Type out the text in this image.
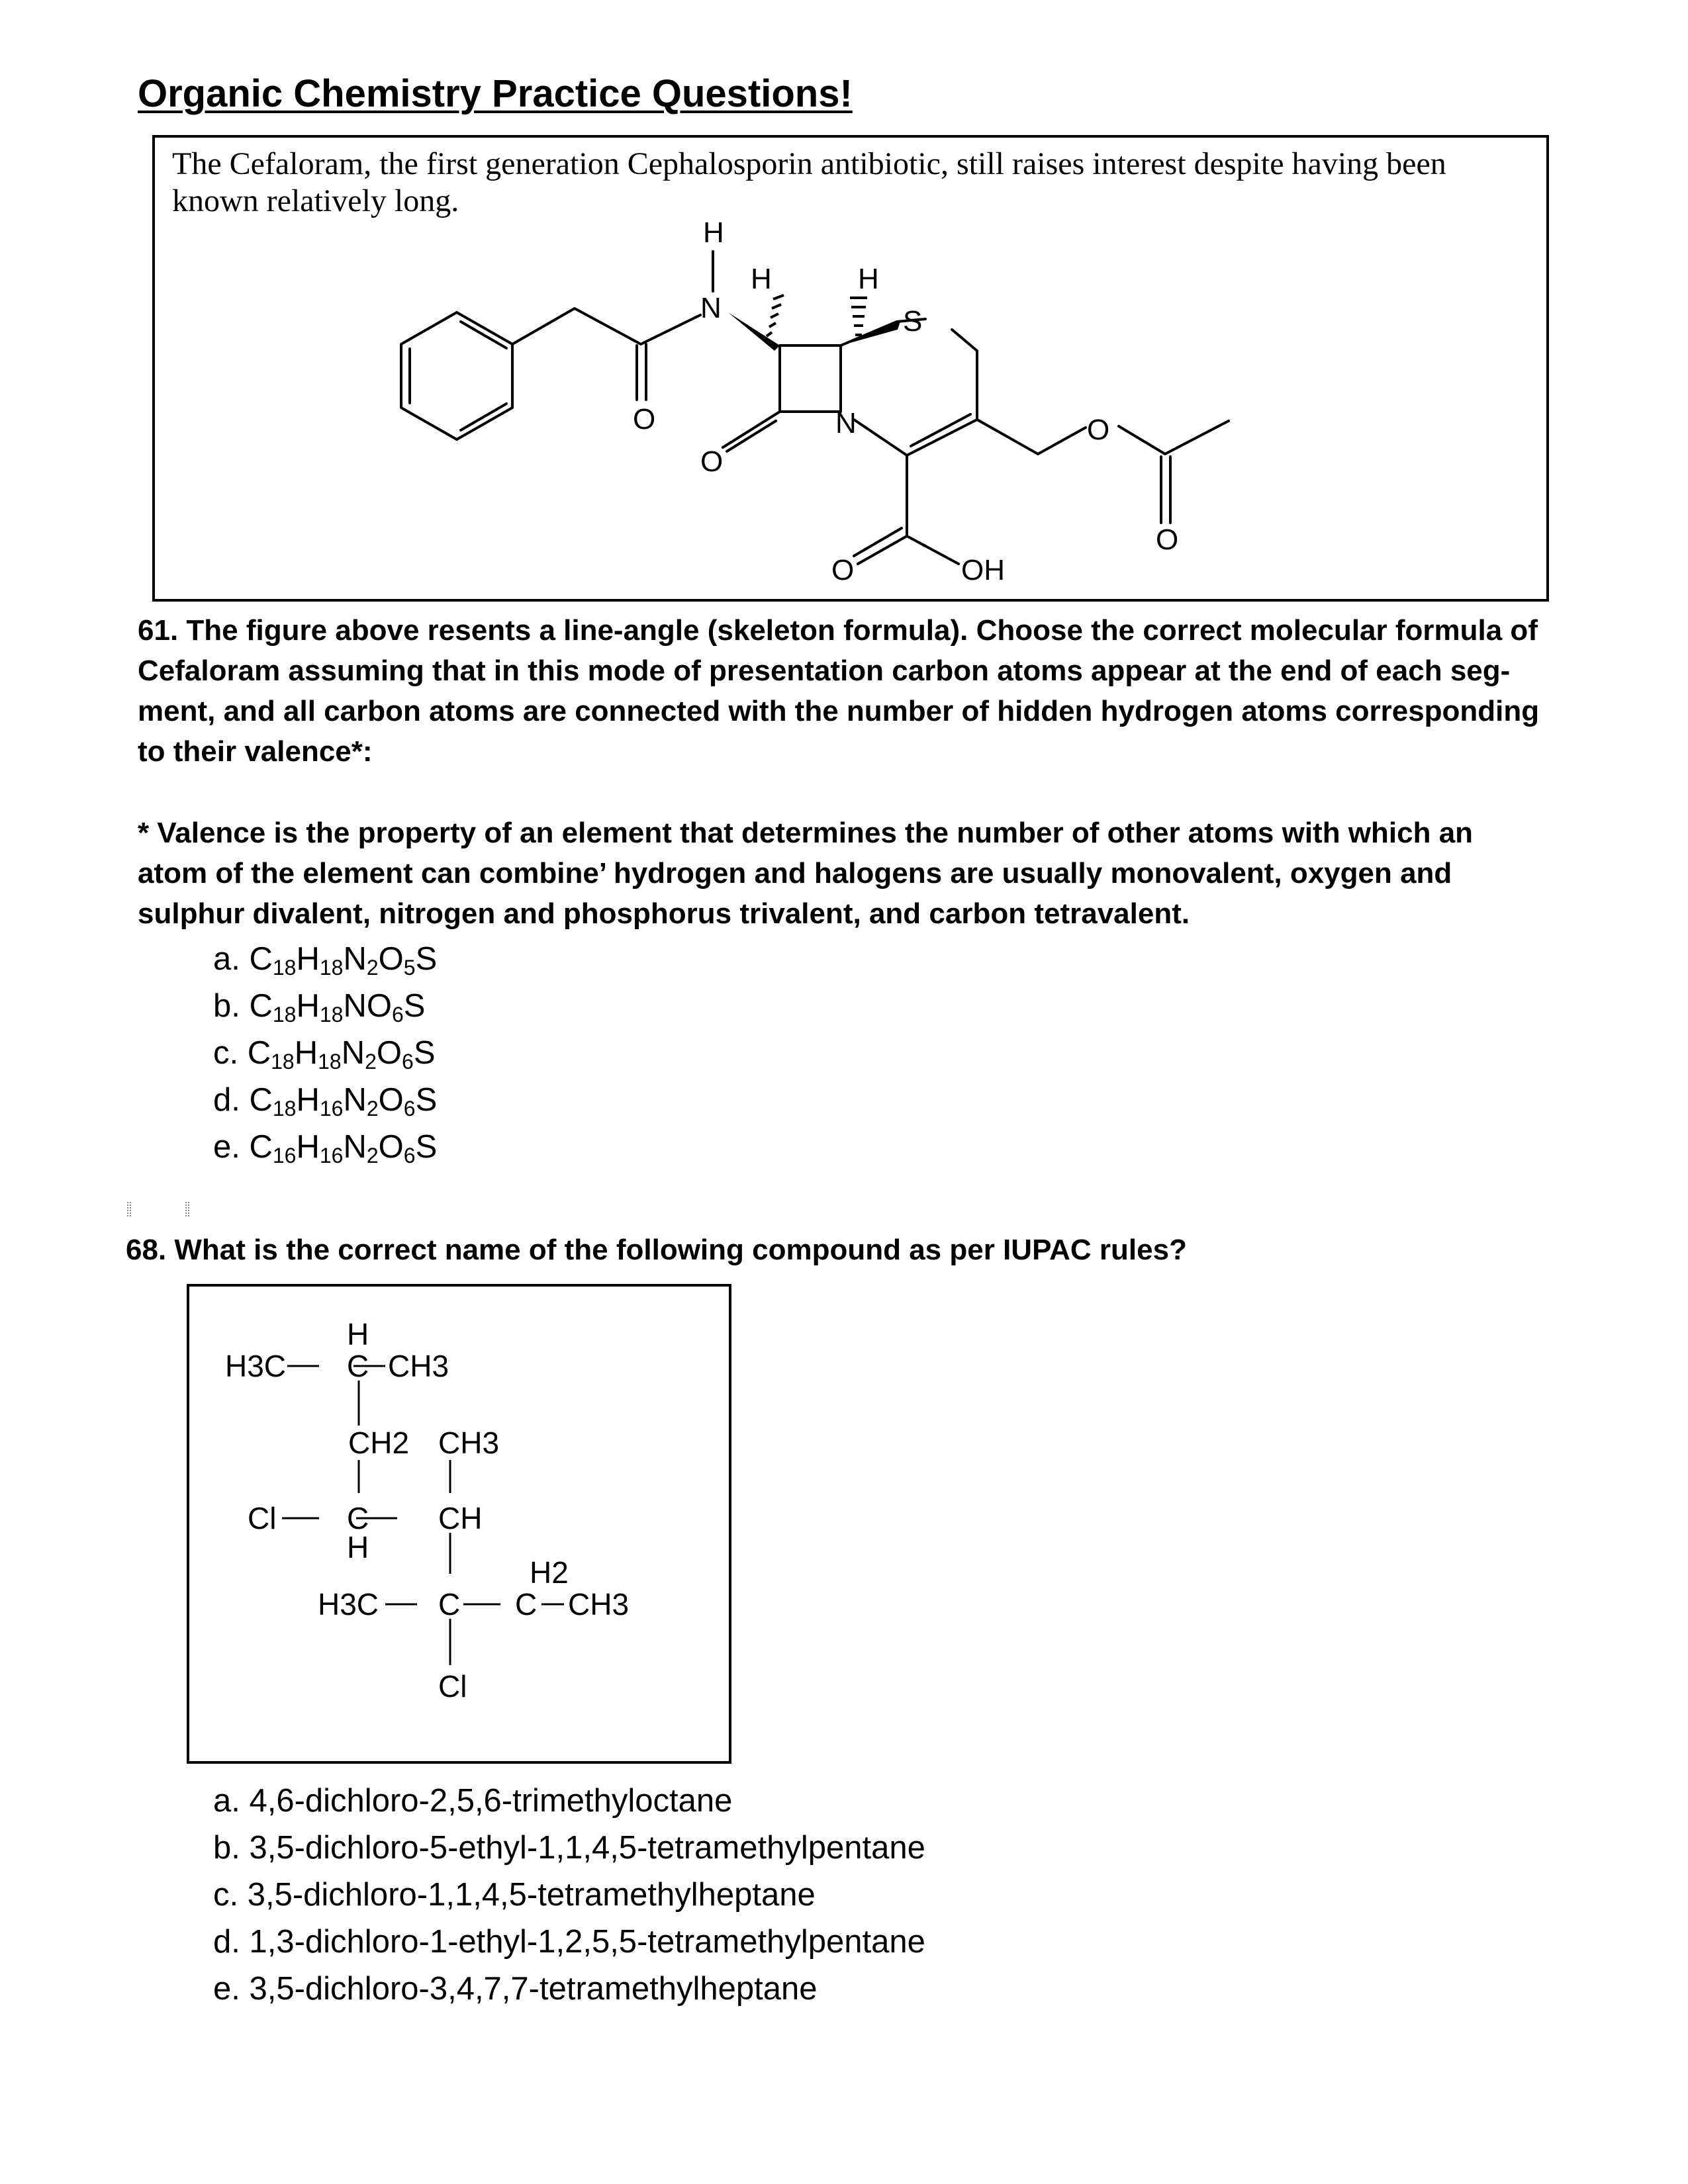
Organic Chemistry Practice Questions!

The Cefaloram, the first generation Cephalosporin antibiotic, still raises interest despite having been known relatively long.

H
N
H	H
S
N
O
O
O
O
O	OH

61. The figure above resents a line-angle (skeleton formula). Choose the correct molecular formula of Cefaloram assuming that in this mode of presentation carbon atoms appear at the end of each seg-ment, and all carbon atoms are connected with the number of hidden hydrogen atoms corresponding to their valence*:

* Valence is the property of an element that determines the number of other atoms with which an atom of the element can combine’ hydrogen and halogens are usually monovalent, oxygen and sulphur divalent, nitrogen and phosphorus trivalent, and carbon tetravalent.

a. $C_{18}H_{18}N_2O_5S$
b. $C_{18}H_{18}NO_6S$
c. $C_{18}H_{18}N_2O_6S$
d. $C_{18}H_{16}N_2O_6S$
e. $C_{16}H_{16}N_2O_6S$

68. What is the correct name of the following compound as per IUPAC rules?

H
H3C C CH3
CH2 CH3
Cl C CH
H
H2
H3C C C CH3
Cl
a. 4,6-dichloro-2,5,6-trimethyloctane
b. 3,5-dichloro-5-ethyl-1,1,4,5-tetramethylpentane
c. 3,5-dichloro-1,1,4,5-tetramethylheptane
d. 1,3-dichloro-1-ethyl-1,2,5,5-tetramethylpentane
e. 3,5-dichloro-3,4,7,7-tetramethylheptane
